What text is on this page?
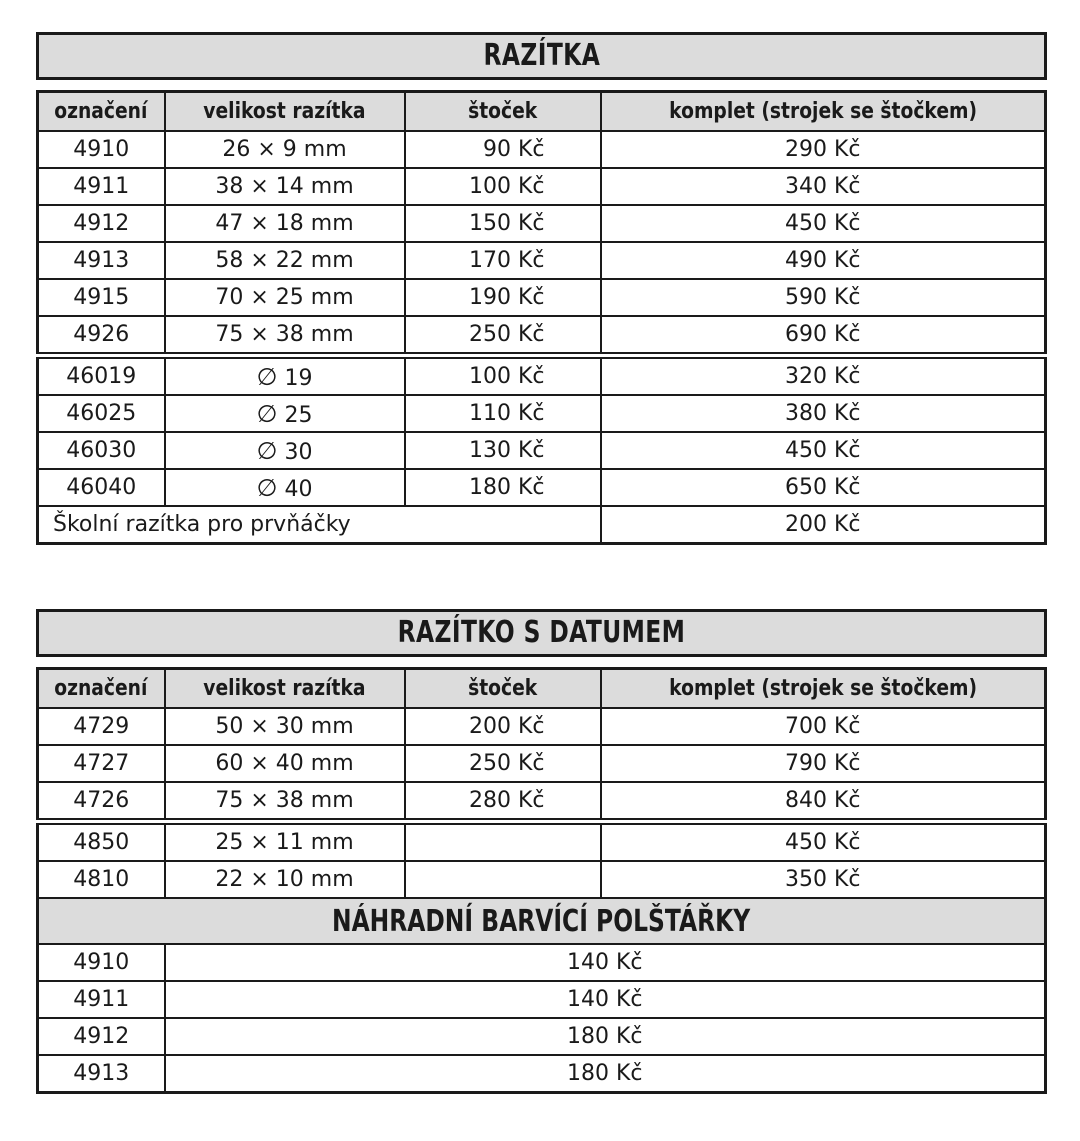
RAZÍTKA
označení	velikost razítka	štoček	komplet (strojek se štočkem)
4910	26 × 9 mm	90 Kč	290 Kč
4911	38 × 14 mm	100 Kč	340 Kč
4912	47 × 18 mm	150 Kč	450 Kč
4913	58 × 22 mm	170 Kč	490 Kč
4915	70 × 25 mm	190 Kč	590 Kč
4926	75 × 38 mm	250 Kč	690 Kč
46019	∅ 19	100 Kč	320 Kč
46025	∅ 25	110 Kč	380 Kč
46030	∅ 30	130 Kč	450 Kč
46040	∅ 40	180 Kč	650 Kč
Školní razítka pro prvňáčky			200 Kč
RAZÍTKO S DATUMEM
označení	velikost razítka	štoček	komplet (strojek se štočkem)
4729	50 × 30 mm	200 Kč	700 Kč
4727	60 × 40 mm	250 Kč	790 Kč
4726	75 × 38 mm	280 Kč	840 Kč
4850	25 × 11 mm		450 Kč
4810	22 × 10 mm		350 Kč
NÁHRADNÍ BARVÍCÍ POLŠTÁŘKY			
4910	140 Kč		
4911	140 Kč		
4912	180 Kč		
4913	180 Kč		
